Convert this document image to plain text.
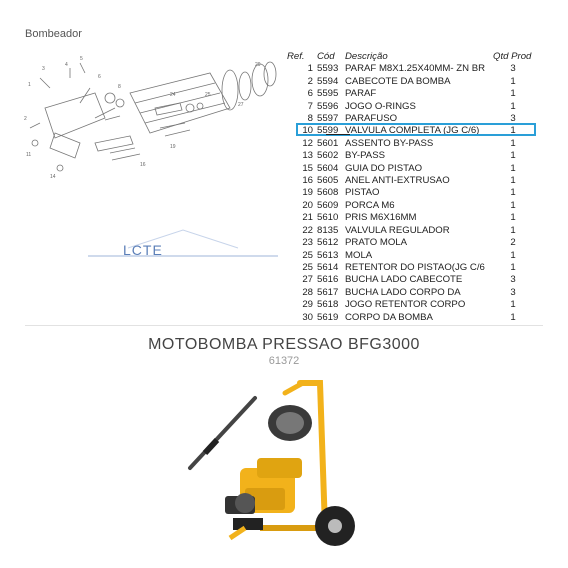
Bombeador
1
3
4
5
6
8
24	25
27
29
2
11
14
16
19
LCTE
Ref.	Cód	Descrição	Qtd Prod
1	5593	PARAF M8X1.25X40MM- ZN BR	3
2	5594	CABECOTE DA BOMBA	1
6	5595	PARAF	1
7	5596	JOGO O-RINGS	1
8	5597	PARAFUSO	3
10	5599	VALVULA COMPLETA (JG C/6)	1
12	5601	ASSENTO BY-PASS	1
13	5602	BY-PASS	1
15	5604	GUIA DO PISTAO	1
16	5605	ANEL ANTI-EXTRUSAO	1
19	5608	PISTAO	1
20	5609	PORCA M6	1
21	5610	PRIS M6X16MM	1
22	8135	VALVULA REGULADOR	1
23	5612	PRATO MOLA	2
25	5613	MOLA	1
25	5614	RETENTOR DO PISTAO(JG C/6	1
27	5616	BUCHA LADO CABECOTE	3
28	5617	BUCHA LADO CORPO DA	3
29	5618	JOGO RETENTOR CORPO	1
30	5619	CORPO DA BOMBA	1
MOTOBOMBA PRESSAO BFG3000
61372
